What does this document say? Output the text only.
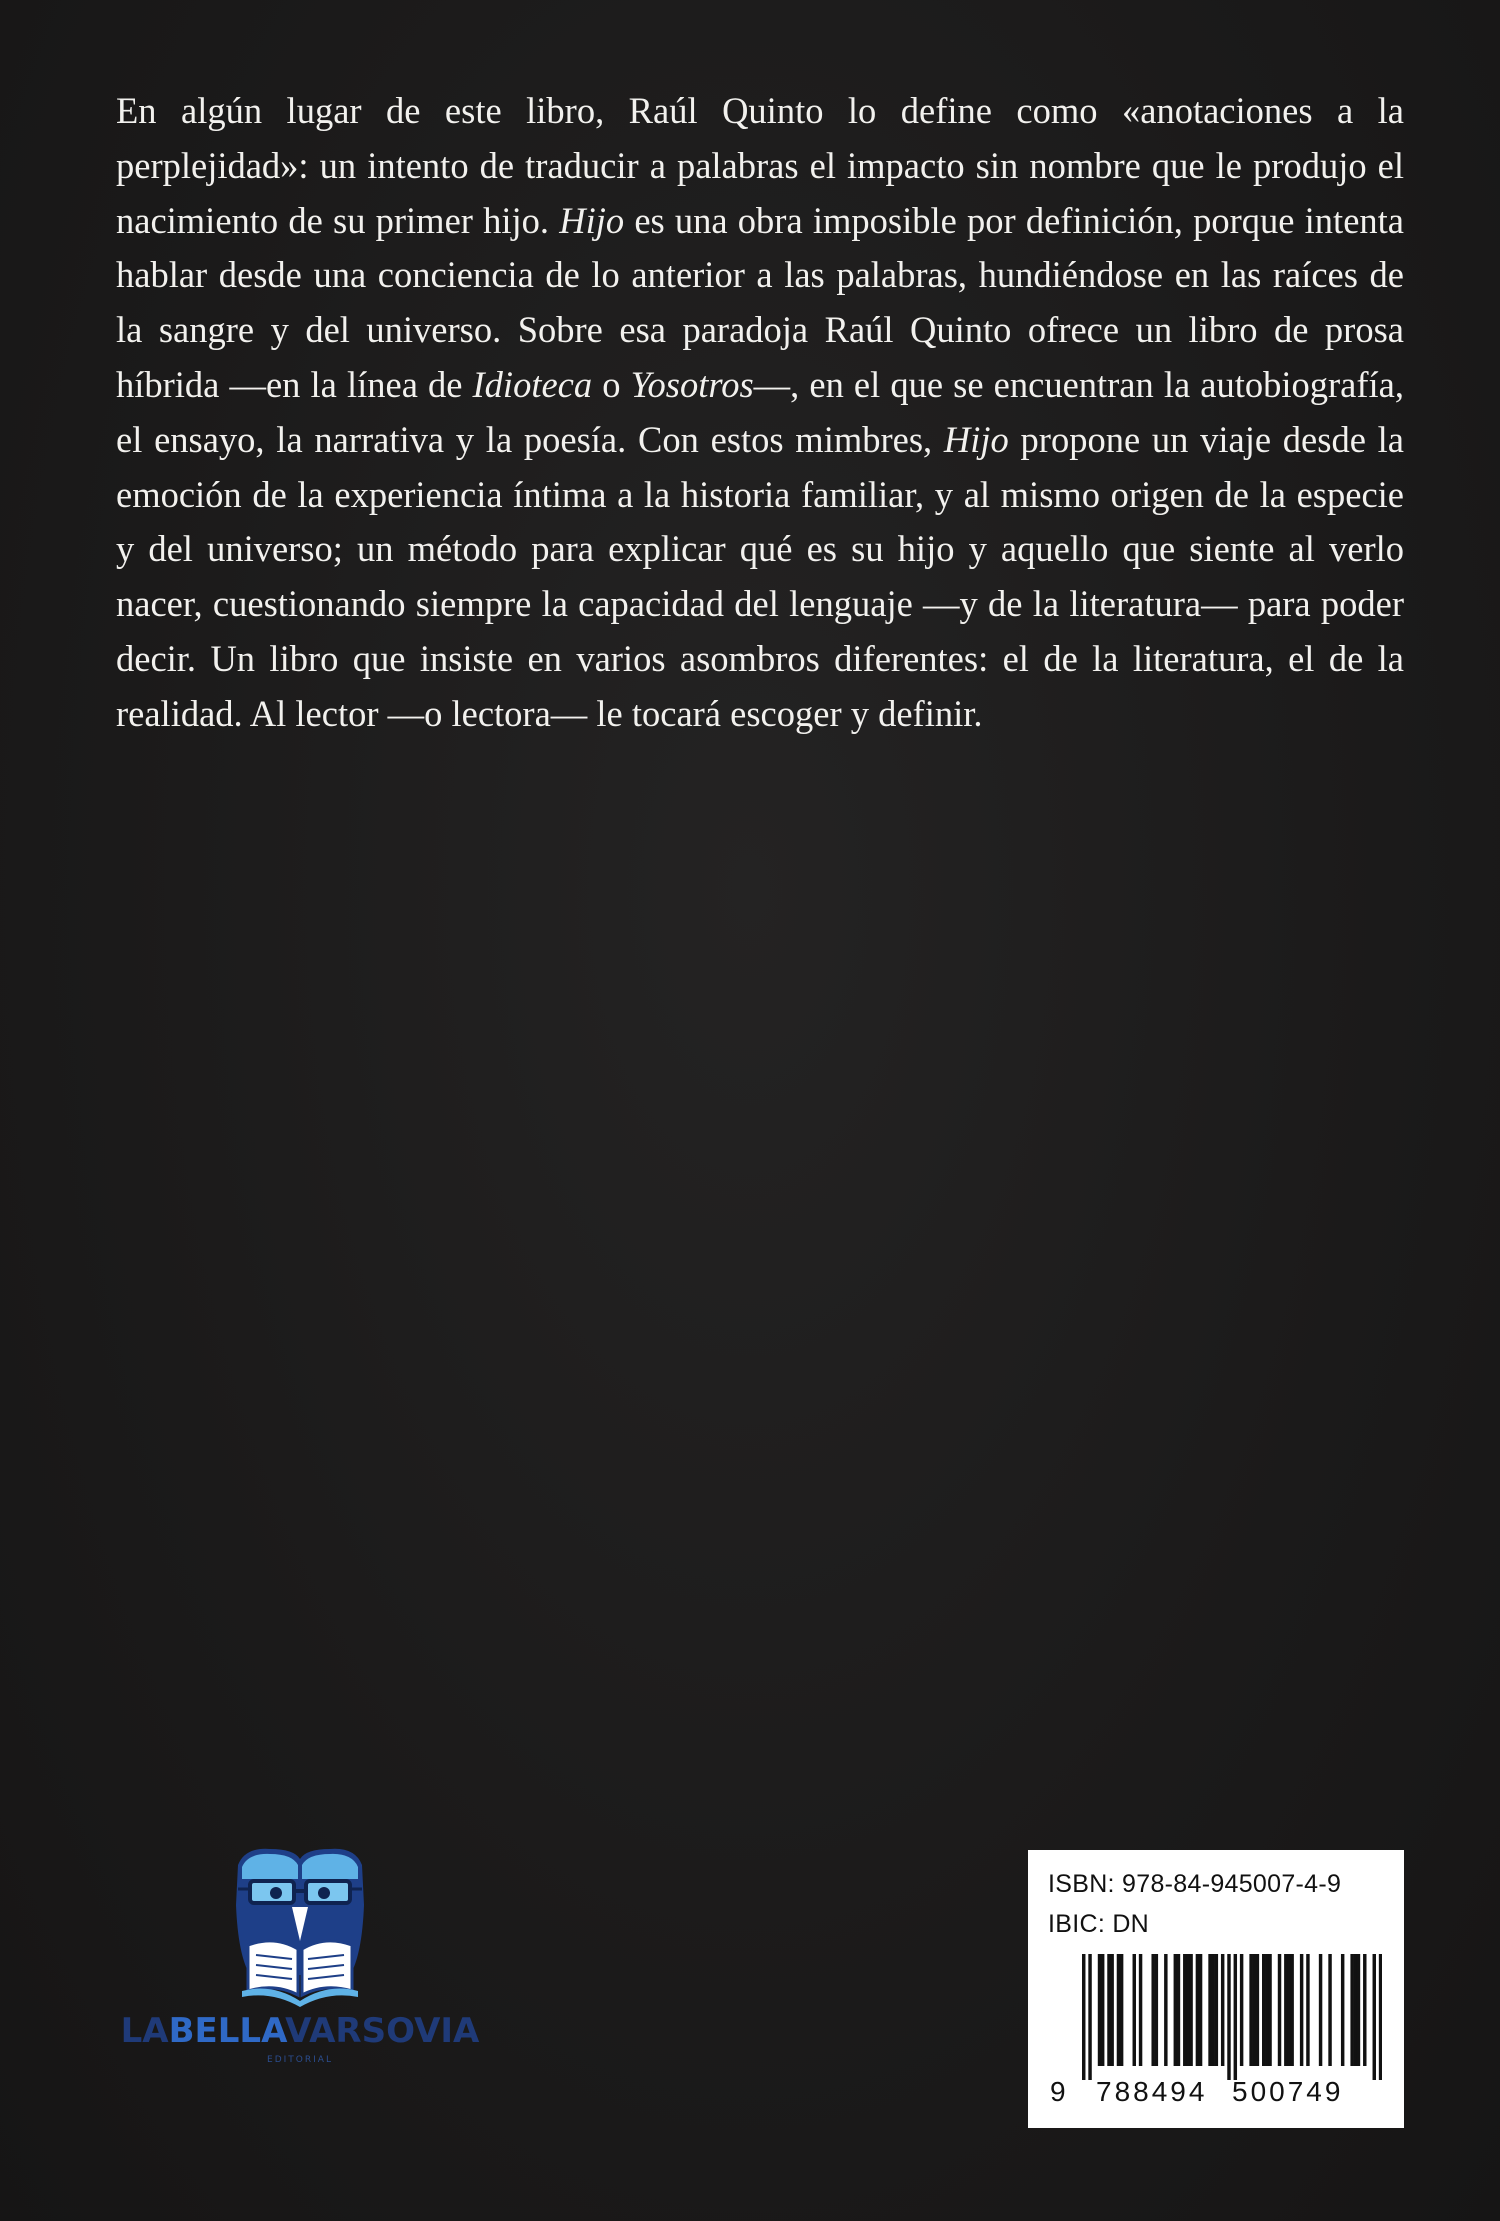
En algún lugar de este libro, Raúl Quinto lo define como «anotaciones a la perplejidad»: un intento de traducir a palabras el impacto sin nombre que le produjo el nacimiento de su primer hijo. Hijo es una obra imposible por definición, porque intenta hablar desde una conciencia de lo anterior a las palabras, hundiéndose en las raíces de la sangre y del universo. Sobre esa paradoja Raúl Quinto ofrece un libro de prosa híbrida —en la línea de Idioteca o Yosotros—, en el que se encuentran la autobiografía, el ensayo, la narrativa y la poesía. Con estos mimbres, Hijo propone un viaje desde la emoción de la experiencia íntima a la historia familiar, y al mismo origen de la especie y del universo; un método para explicar qué es su hijo y aquello que siente al verlo nacer, cuestionando siempre la capacidad del lenguaje —y de la literatura— para poder decir. Un libro que insiste en varios asombros diferentes: el de la literatura, el de la realidad. Al lector —o lectora— le tocará escoger y definir.

LABELLAVARSOVIA
EDITORIAL
ISBN: 978-84-945007-4-9
IBIC: DN
9 788494 500749
